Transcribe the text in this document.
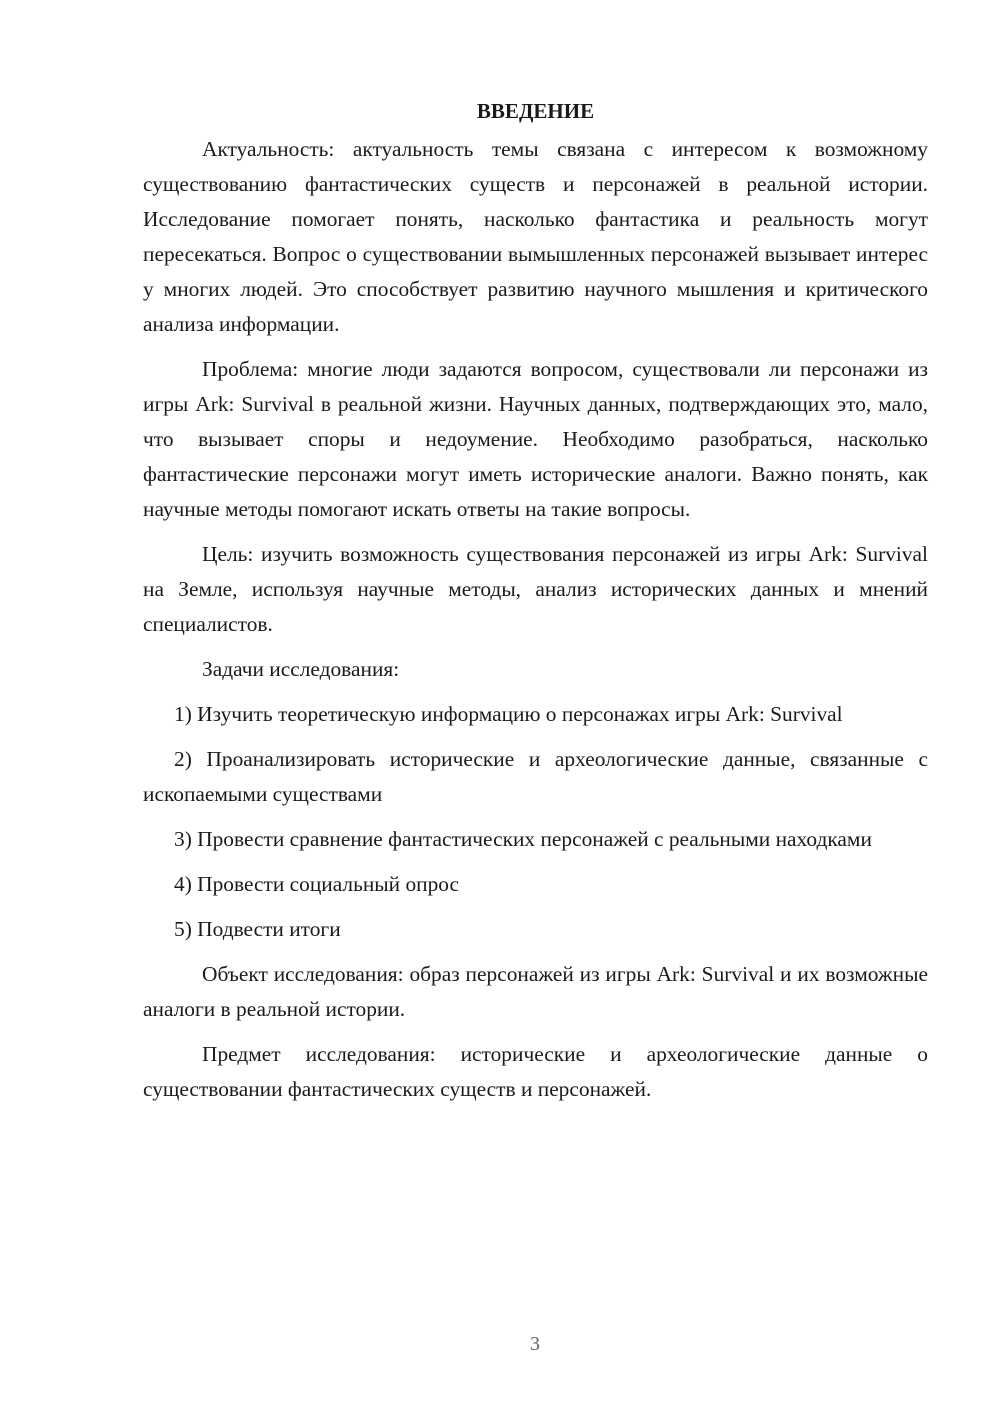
ВВЕДЕНИЕ

Актуальность: актуальность темы связана с интересом к возможному существованию фантастических существ и персонажей в реальной истории. Исследование помогает понять, насколько фантастика и реальность могут пересекаться. Вопрос о существовании вымышленных персонажей вызывает интерес у многих людей. Это способствует развитию научного мышления и критического анализа информации.

Проблема: многие люди задаются вопросом, существовали ли персонажи из игры Ark: Survival в реальной жизни. Научных данных, подтверждающих это, мало, что вызывает споры и недоумение. Необходимо разобраться, насколько фантастические персонажи могут иметь исторические аналоги. Важно понять, как научные методы помогают искать ответы на такие вопросы.

Цель: изучить возможность существования персонажей из игры Ark: Survival на Земле, используя научные методы, анализ исторических данных и мнений специалистов.

Задачи исследования:

1) Изучить теоретическую информацию о персонажах игры Ark: Survival

2) Проанализировать исторические и археологические данные, связанные с ископаемыми существами

3) Провести сравнение фантастических персонажей с реальными находками

4) Провести социальный опрос

5) Подвести итоги

Объект исследования: образ персонажей из игры Ark: Survival и их возможные аналоги в реальной истории.

Предмет исследования: исторические и археологические данные о существовании фантастических существ и персонажей.

3
